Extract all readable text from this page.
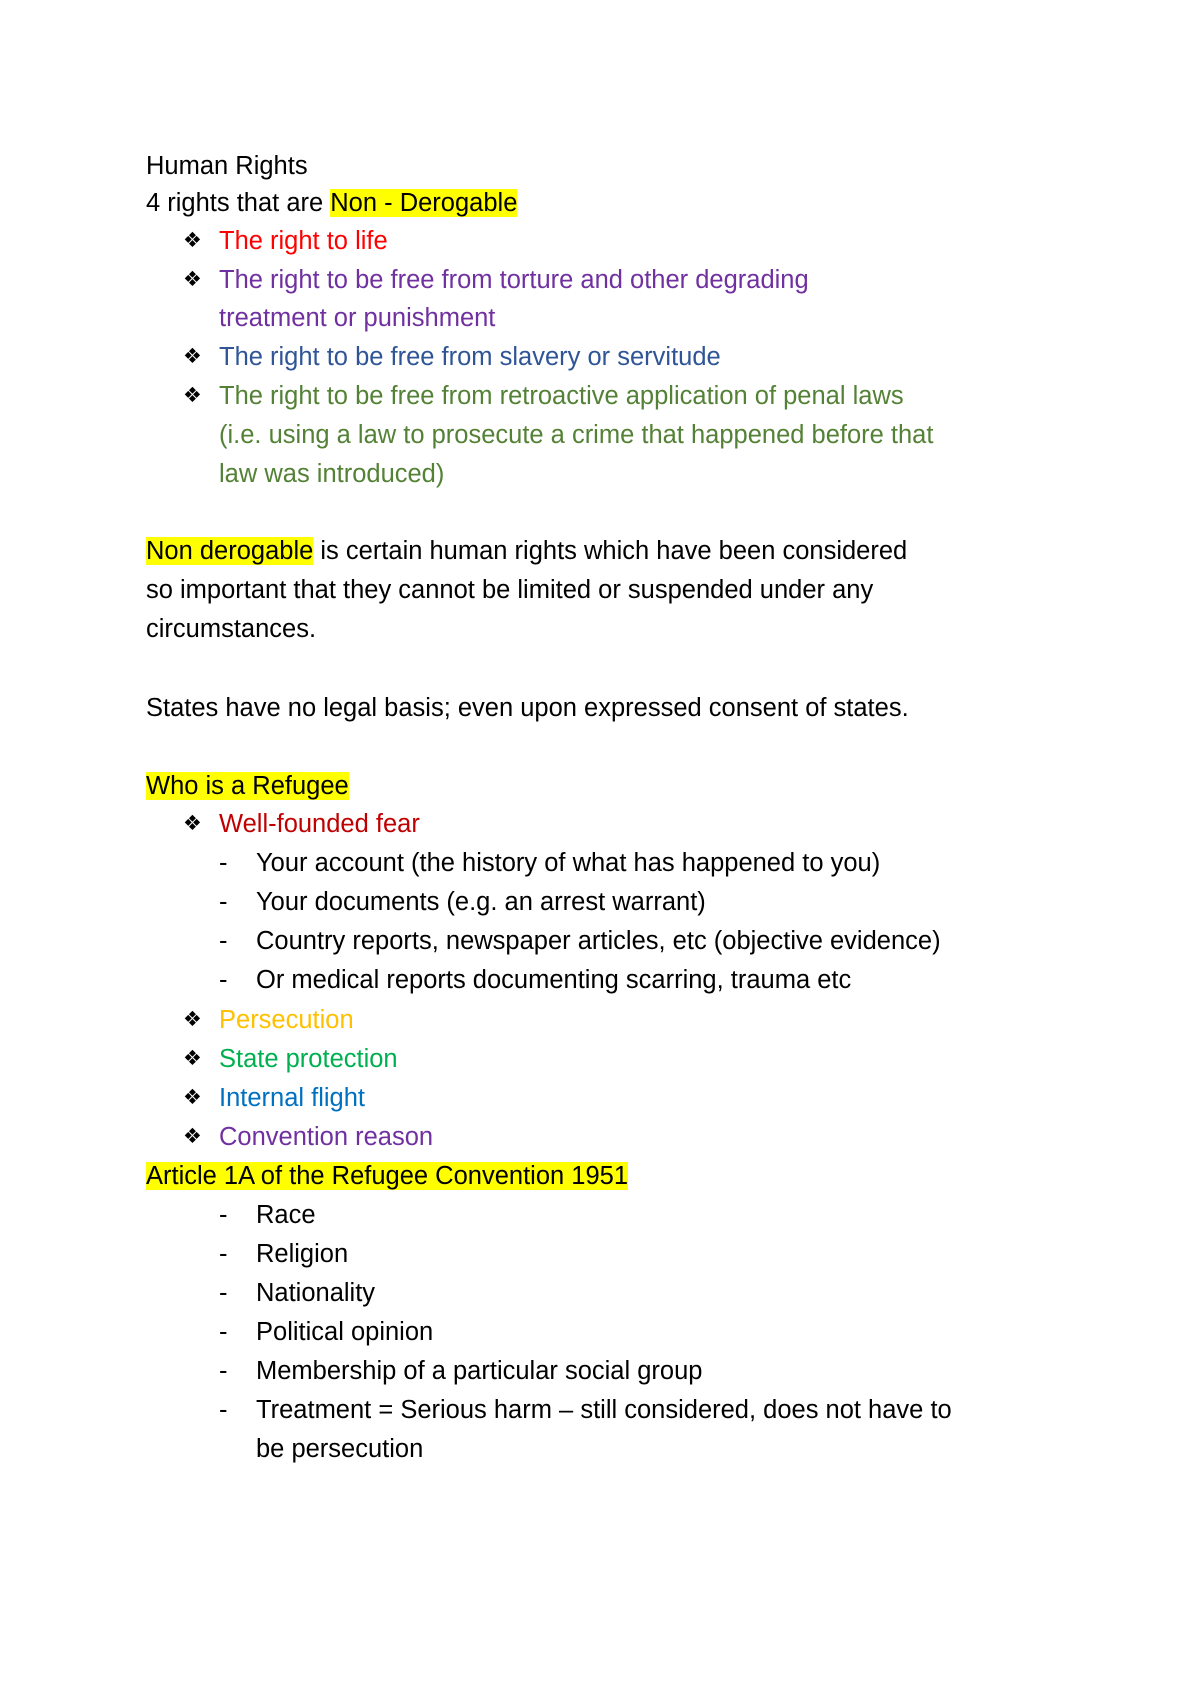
Human Rights
4 rights that are Non - Derogable
❖ The right to life
❖ The right to be free from torture and other degrading
treatment or punishment
❖ The right to be free from slavery or servitude
❖ The right to be free from retroactive application of penal laws
(i.e. using a law to prosecute a crime that happened before that
law was introduced)
Non derogable is certain human rights which have been considered
so important that they cannot be limited or suspended under any
circumstances.
States have no legal basis; even upon expressed consent of states.
Who is a Refugee
❖ Well-founded fear
- Your account (the history of what has happened to you)
- Your documents (e.g. an arrest warrant)
- Country reports, newspaper articles, etc (objective evidence)
- Or medical reports documenting scarring, trauma etc
❖ Persecution
❖ State protection
❖ Internal flight
❖ Convention reason
Article 1A of the Refugee Convention 1951
- Race
- Religion
- Nationality
- Political opinion
- Membership of a particular social group
- Treatment = Serious harm – still considered, does not have to
be persecution
